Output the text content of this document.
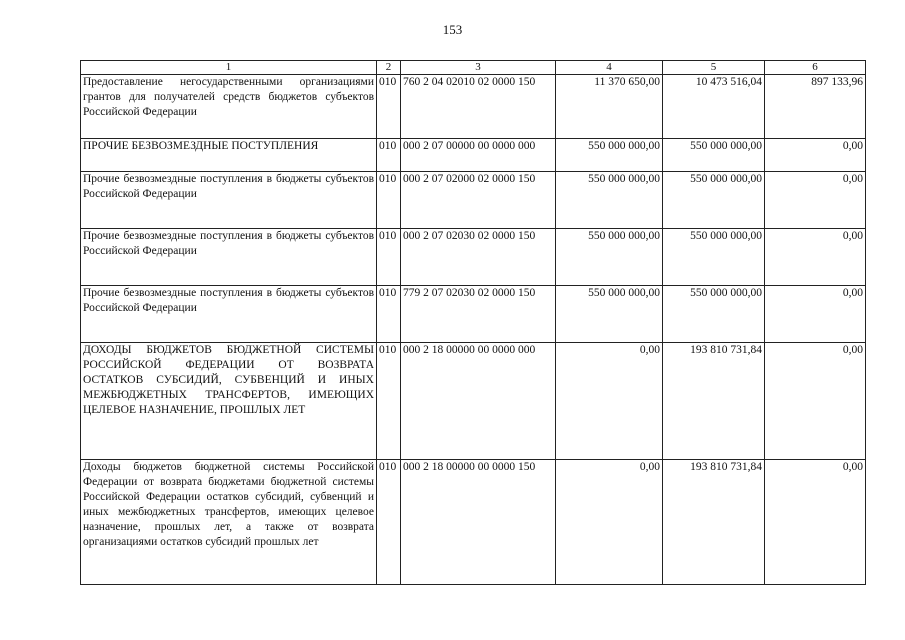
153
1	2	3	4	5	6
Предоставление негосударственными организациями грантов для получателей средств бюджетов субъектов Российской Федерации	010	760 2 04 02010 02 0000 150	11 370 650,00	10 473 516,04	897 133,96
ПРОЧИЕ БЕЗВОЗМЕЗДНЫЕ ПОСТУПЛЕНИЯ	010	000 2 07 00000 00 0000 000	550 000 000,00	550 000 000,00	0,00
Прочие безвозмездные поступления в бюджеты субъектов Российской Федерации	010	000 2 07 02000 02 0000 150	550 000 000,00	550 000 000,00	0,00
Прочие безвозмездные поступления в бюджеты субъектов Российской Федерации	010	000 2 07 02030 02 0000 150	550 000 000,00	550 000 000,00	0,00
Прочие безвозмездные поступления в бюджеты субъектов Российской Федерации	010	779 2 07 02030 02 0000 150	550 000 000,00	550 000 000,00	0,00
ДОХОДЫ БЮДЖЕТОВ БЮДЖЕТНОЙ СИСТЕМЫ РОССИЙСКОЙ ФЕДЕРАЦИИ ОТ ВОЗВРАТА ОСТАТКОВ СУБСИДИЙ, СУБВЕНЦИЙ И ИНЫХ МЕЖБЮДЖЕТНЫХ ТРАНСФЕРТОВ, ИМЕЮЩИХ ЦЕЛЕВОЕ НАЗНАЧЕНИЕ, ПРОШЛЫХ ЛЕТ	010	000 2 18 00000 00 0000 000	0,00	193 810 731,84	0,00
Доходы бюджетов бюджетной системы Российской Федерации от возврата бюджетами бюджетной системы Российской Федерации остатков субсидий, субвенций и иных межбюджетных трансфертов, имеющих целевое назначение, прошлых лет, а также от возврата организациями остатков субсидий прошлых лет	010	000 2 18 00000 00 0000 150	0,00	193 810 731,84	0,00
